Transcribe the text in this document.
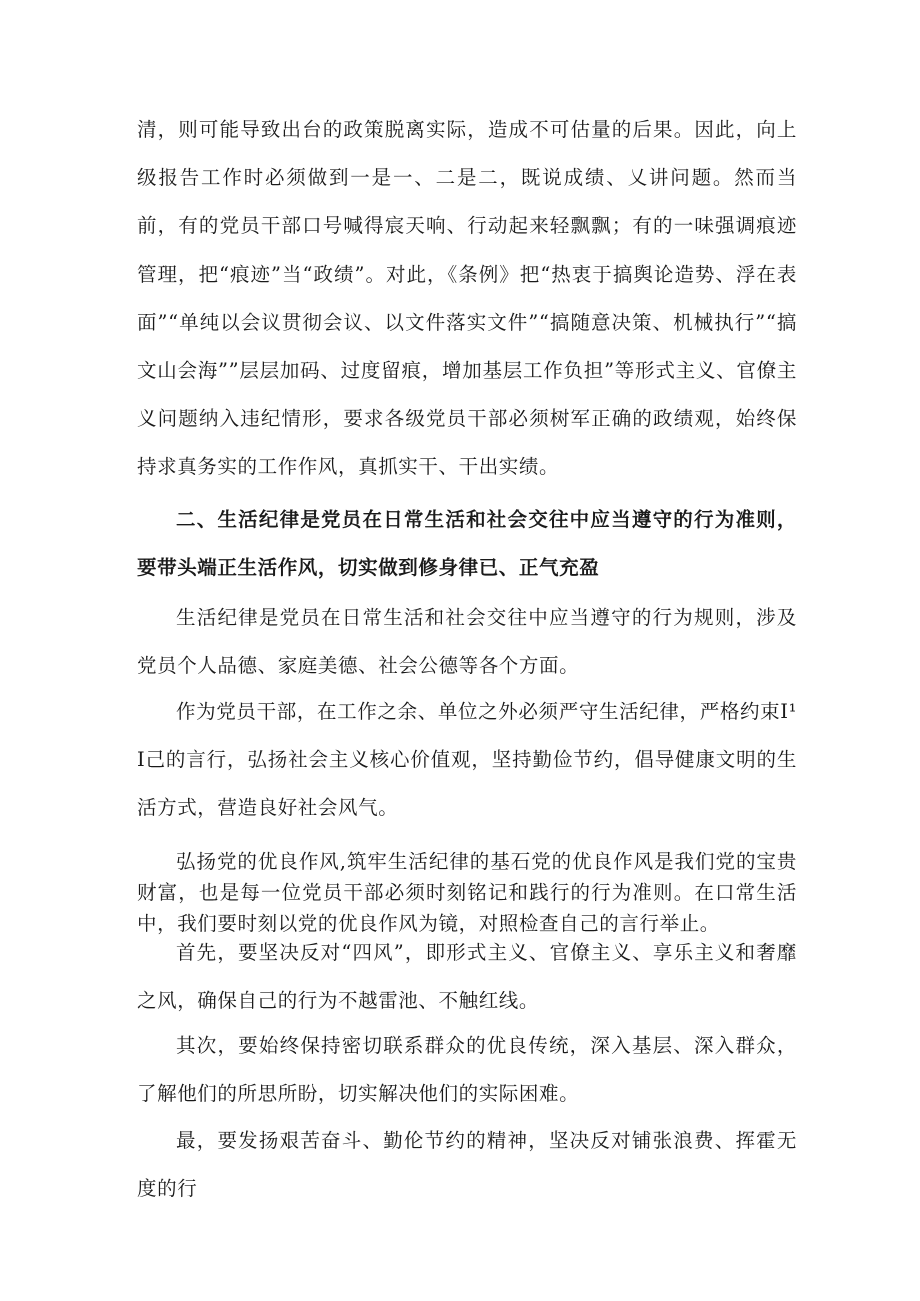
清，则可能导致出台的政策脱离实际，造成不可估量的后果。因此，向上级报告工作时必须做到一是一、二是二，既说成绩、乂讲问题。然而当前，有的党员干部口号喊得宸天响、行动起来轻飘飘；有的一味强调痕迹管理，把“痕迹”当“政绩”。对此，《条例》把“热衷于搞舆论造势、浮在表面”“单纯以会议贯彻会议、以文件落实文件”“搞随意决策、机械执行”“搞文山会海””层层加码、过度留痕，增加基层工作负担”等形式主义、官僚主义问题纳入违纪情形，要求各级党员干部必须树军正确的政绩观，始终保持求真务实的工作作风，真抓实干、干出实绩。

二、生活纪律是党员在日常生活和社会交往中应当遵守的行为准则，要带头端正生活作风，切实做到修身律已、正气充盈

生活纪律是党员在日常生活和社会交往中应当遵守的行为规则，涉及党员个人品德、家庭美德、社会公德等各个方面。

作为党员干部，在工作之余、单位之外必须严守生活纪律，严格约束I¹I己的言行，弘扬社会主义核心价值观，坚持勤俭节约，倡导健康文明的生活方式，营造良好社会风气。

弘扬党的优良作风,筑牢生活纪律的基石党的优良作风是我们党的宝贵财富，也是每一位党员干部必须时刻铭记和践行的行为准则。在口常生活中，我们要时刻以党的优良作风为镜，对照检查自己的言行举止。

首先，要坚决反对“四风”，即形式主义、官僚主义、享乐主义和奢靡之风，确保自己的行为不越雷池、不触红线。

其次，要始终保持密切联系群众的优良传统，深入基层、深入群众，了解他们的所思所盼，切实解决他们的实际困难。

最，要发扬艰苦奋斗、勤伦节约的精神，坚决反对铺张浪费、挥霍无度的行
